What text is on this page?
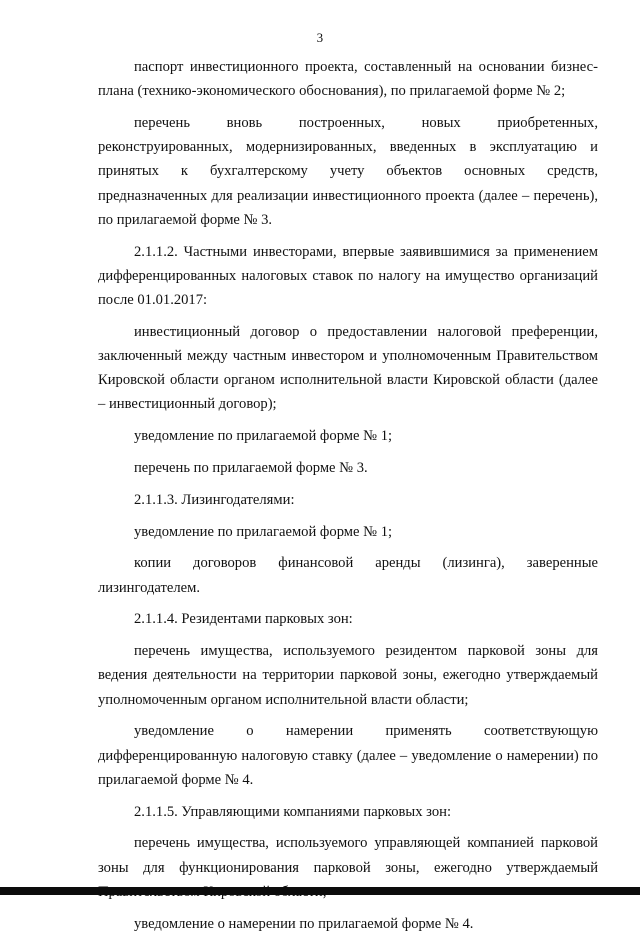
3

паспорт инвестиционного проекта, составленный на основании бизнес-плана (технико-экономического обоснования), по прилагаемой форме № 2;

перечень вновь построенных, новых приобретенных, реконструированных, модернизированных, введенных в эксплуатацию и принятых к бухгалтерскому учету объектов основных средств, предназначенных для реализации инвестиционного проекта (далее – перечень), по прилагаемой форме № 3.

2.1.1.2. Частными инвесторами, впервые заявившимися за применением дифференцированных налоговых ставок по налогу на имущество организаций после 01.01.2017:

инвестиционный договор о предоставлении налоговой преференции, заключенный между частным инвестором и уполномоченным Правительством Кировской области органом исполнительной власти Кировской области (далее – инвестиционный договор);

уведомление по прилагаемой форме № 1;

перечень по прилагаемой форме № 3.

2.1.1.3. Лизингодателями:

уведомление по прилагаемой форме № 1;

копии договоров финансовой аренды (лизинга), заверенные лизингодателем.

2.1.1.4. Резидентами парковых зон:

перечень имущества, используемого резидентом парковой зоны для ведения деятельности на территории парковой зоны, ежегодно утверждаемый уполномоченным органом исполнительной власти области;

уведомление о намерении применять соответствующую дифференцированную налоговую ставку (далее – уведомление о намерении) по прилагаемой форме № 4.

2.1.1.5. Управляющими компаниями парковых зон:

перечень имущества, используемого управляющей компанией парковой зоны для функционирования парковой зоны, ежегодно утверждаемый

уведомление о намерении по прилагаемой форме № 4.
